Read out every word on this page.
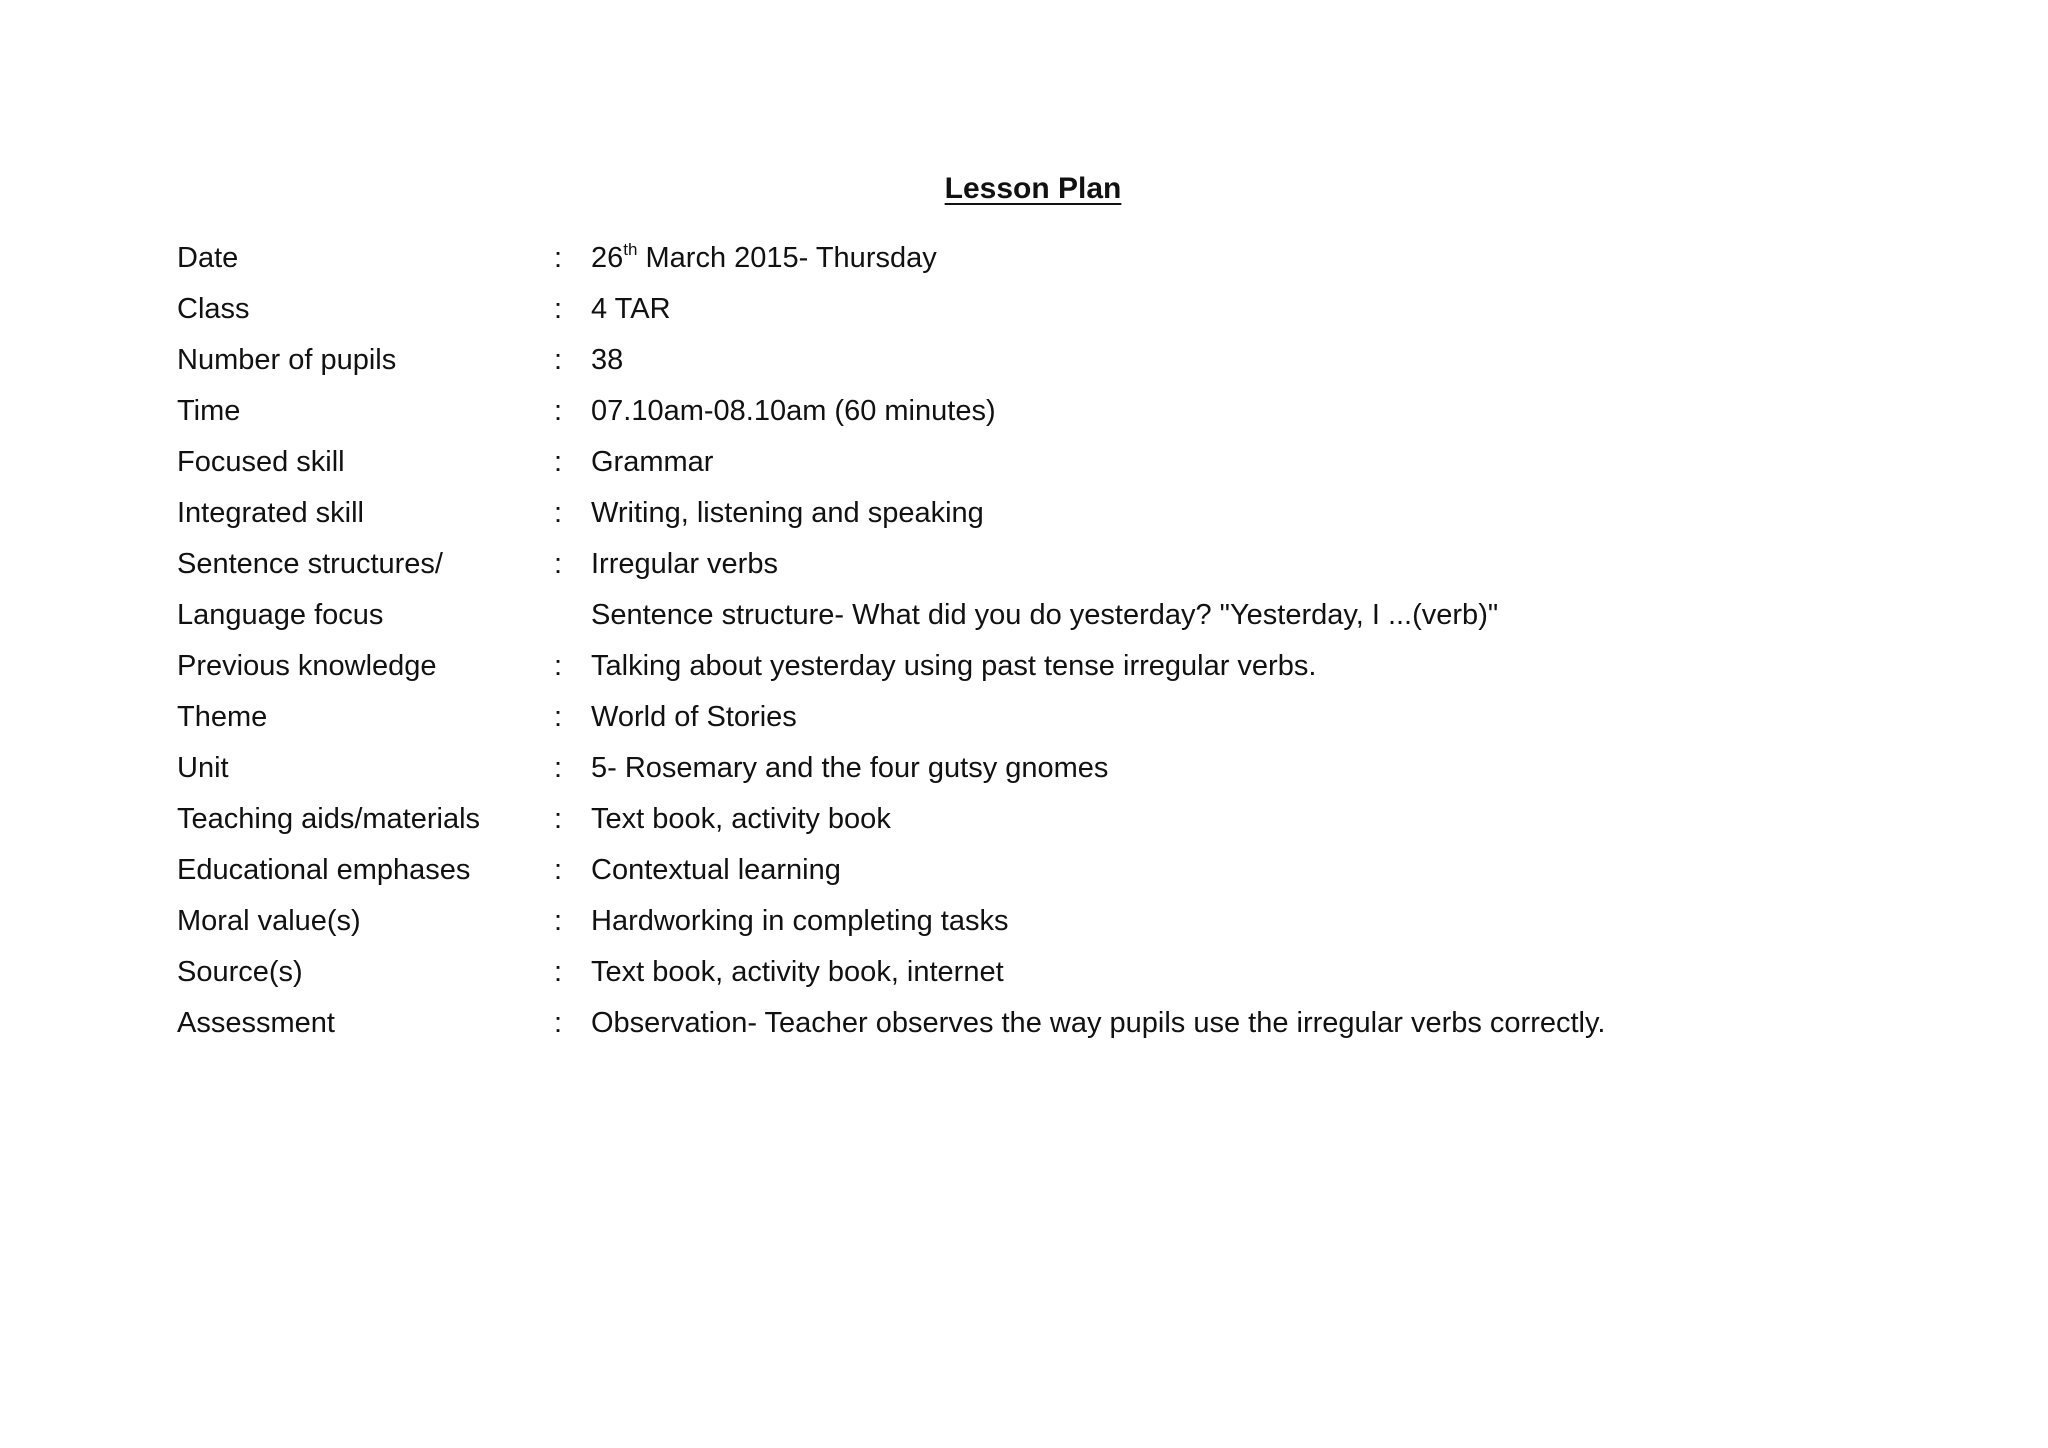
Lesson Plan
Date	: 26th March 2015- Thursday
Class	: 4 TAR
Number of pupils	: 38
Time	: 07.10am-08.10am (60 minutes)
Focused skill	: Grammar
Integrated skill	: Writing, listening and speaking
Sentence structures/	: Irregular verbs
Language focus	Sentence structure- What did you do yesterday? "Yesterday, I ...(verb)"
Previous knowledge	: Talking about yesterday using past tense irregular verbs.
Theme	: World of Stories
Unit	: 5- Rosemary and the four gutsy gnomes
Teaching aids/materials	: Text book, activity book
Educational emphases	: Contextual learning
Moral value(s)	: Hardworking in completing tasks
Source(s)	: Text book, activity book, internet
Assessment	: Observation- Teacher observes the way pupils use the irregular verbs correctly.
